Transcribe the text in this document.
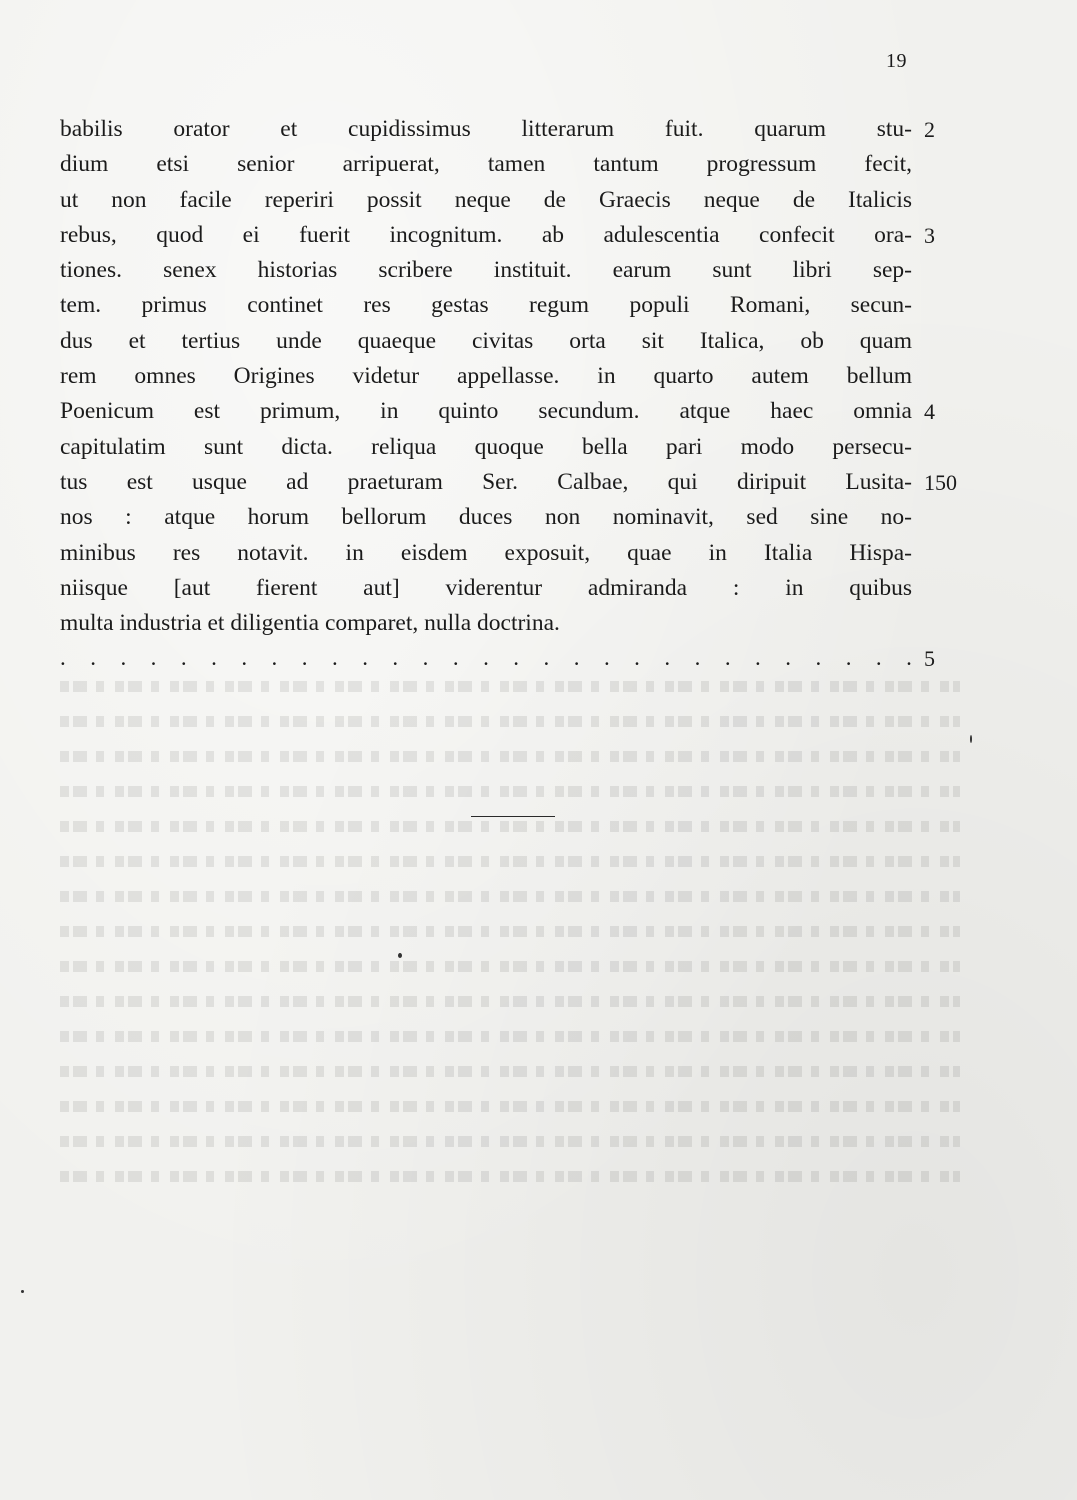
19
babilis orator et cupidissimus litterarum fuit. quarum stu-
dium etsi senior arripuerat, tamen tantum progressum fecit,
ut non facile reperiri possit neque de Graecis neque de Italicis
rebus, quod ei fuerit incognitum. ab adulescentia confecit ora-
tiones. senex historias scribere instituit. earum sunt libri sep-
tem. primus continet res gestas regum populi Romani, secun-
dus et tertius unde quaeque civitas orta sit Italica, ob quam
rem omnes Origines videtur appellasse. in quarto autem bellum
Poenicum est primum, in quinto secundum. atque haec omnia
capitulatim sunt dicta. reliqua quoque bella pari modo persecu-
tus est usque ad praeturam Ser. Calbae, qui diripuit Lusita-
nos : atque horum bellorum duces non nominavit, sed sine no-
minibus res notavit. in eisdem exposuit, quae in Italia Hispa-
niisque [aut fierent aut] viderentur admiranda : in quibus
multa industria et diligentia comparet, nulla doctrina.
2
3
4
150
. . . . . . . . . . . . . . . . . . . . . . . . . . . . . 5
